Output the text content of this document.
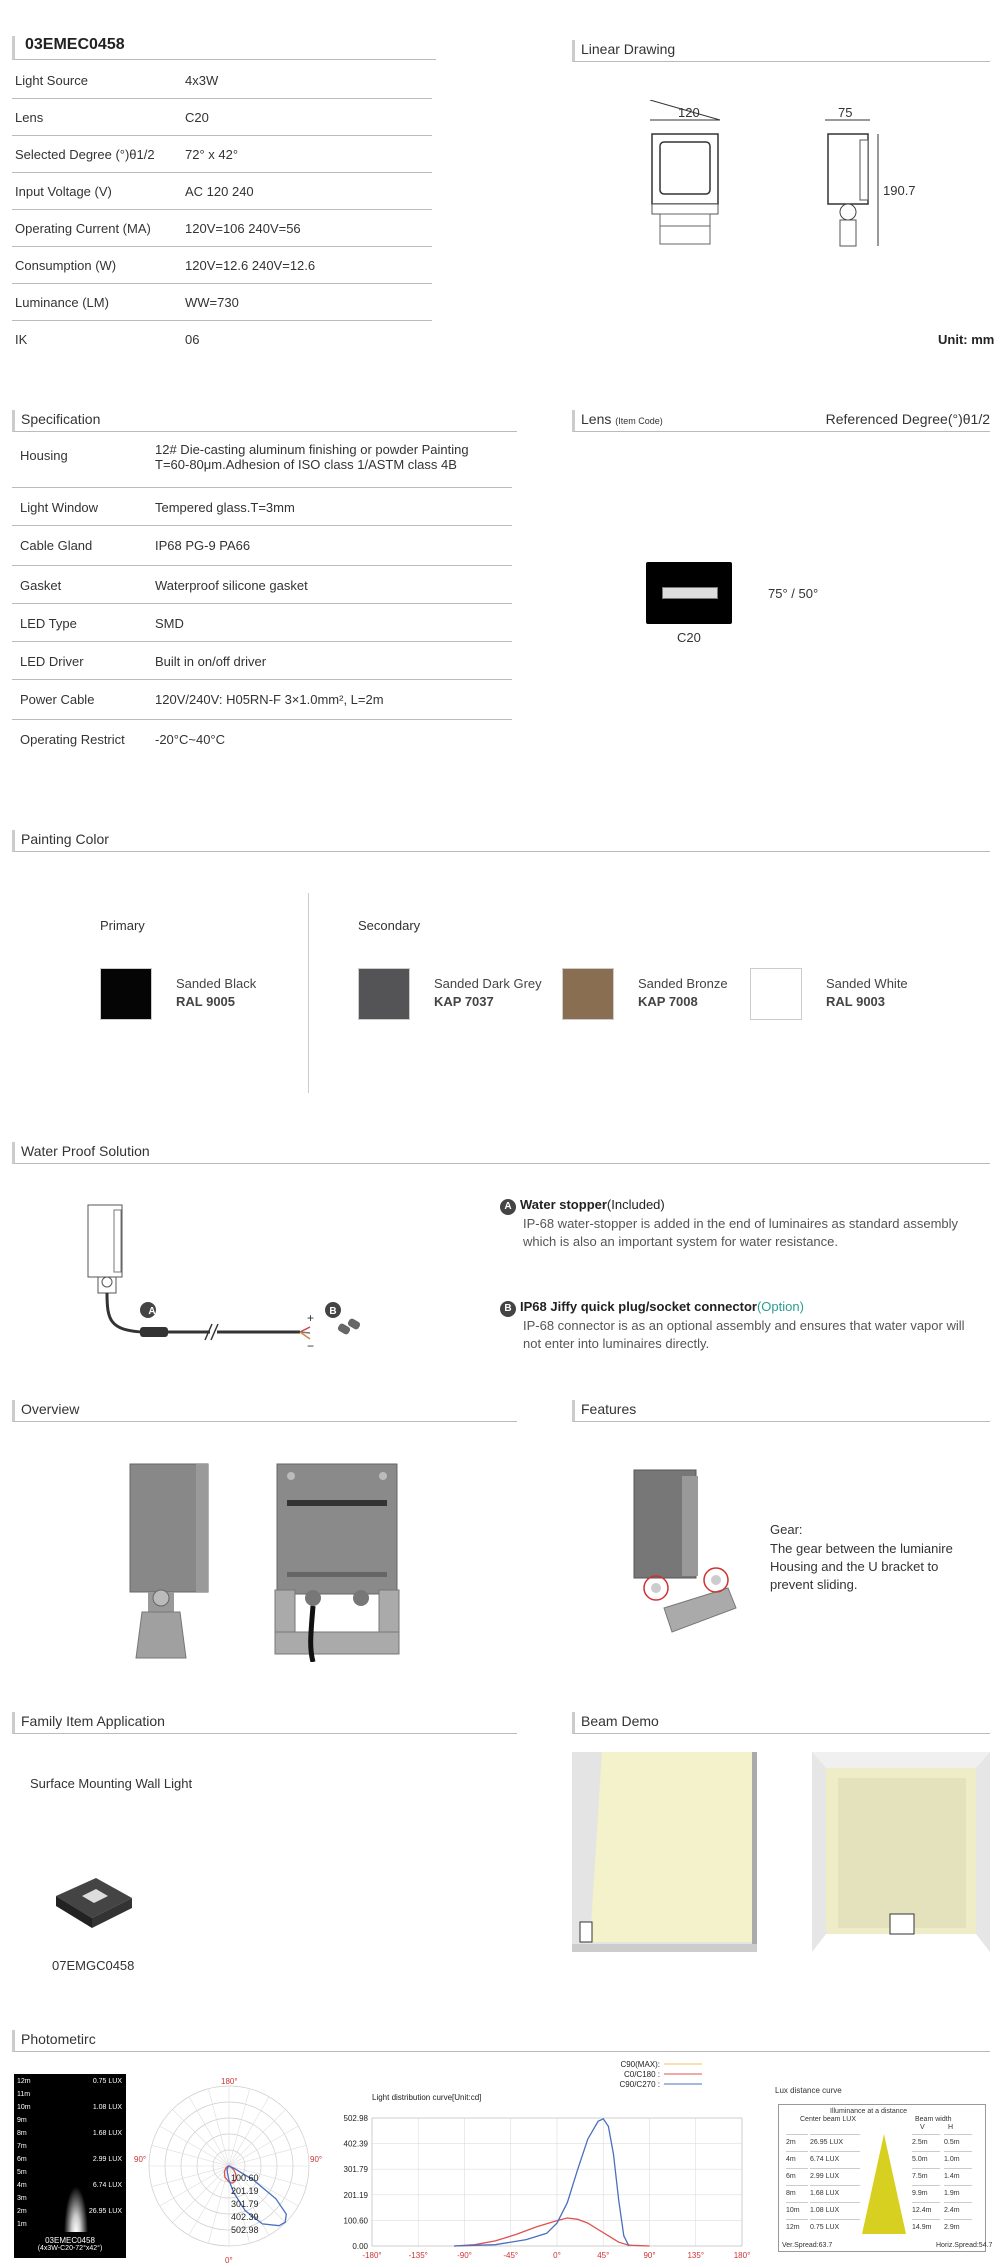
03EMEC0458
Light Source	4x3W
Lens	C20
Selected Degree (°)θ1/2 72° x 42°
Input Voltage (V)	AC 120 240
Operating Current (MA)	120V=106 240V=56
Consumption (W)	120V=12.6 240V=12.6
Luminance (LM)	WW=730
IK	06
Linear Drawing
120	75
190.7
Unit: mm
Specification
Housing	12# Die-casting aluminum finishing or powder Painting T=60-80μm.Adhesion of ISO class 1/ASTM class 4B
Light Window	Tempered glass.T=3mm
Cable Gland	IP68 PG-9 PA66
Gasket	Waterproof silicone gasket
LED Type	SMD
LED Driver	Built in on/off driver
Power Cable	120V/240V: H05RN-F 3×1.0mm², L=2m
Operating Restrict -20°C~40°C
Lens (Item Code)	Referenced Degree(°)θ1/2
C20
75° / 50°
Painting Color
Primary	Secondary
Sanded Black
RAL 9005
Sanded Dark Grey
KAP 7037
Sanded Bronze
KAP 7008
Sanded White
RAL 9003
Water Proof Solution
+
−
A	B
A Water stopper(Included)
IP-68 water-stopper is added in the end of luminaires as standard assembly which is also an important system for water resistance.
B IP68 Jiffy quick plug/socket connector(Option)
IP-68 connector is as an optional assembly and ensures that water vapor will not enter into luminaires directly.
Overview	Features
Gear:
The gear between the lumianire Housing and the U bracket to prevent sliding.
Family Item Application	Beam Demo
Surface Mounting Wall Light
07EMGC0458
Photometirc
12m	0.75 LUX
11m
10m	1.08 LUX
9m
8m	1.68 LUX
7m
6m	2.99 LUX
5m
4m	6.74 LUX
3m
2m	26.95 LUX
1m
03EMEC0458
(4x3W-C20-72°x42°)
100.60
201.19
301.79
402.39
502.98
180°
0°
90°	90°
C90(MAX):
C0/C180 :
C90/C270 :
Light distribution curve[Unit:cd]
0.00
100.60
201.19
301.79
402.39
502.98
-180°	-135°	-90°	-45°	0°	45°	90°	135°	180°
Lux distance curve
Illuminance at a distance
Center beam LUX	Beam width
V	H
2m	26.95 LUX	2.5m	0.5m
4m	6.74 LUX	5.0m	1.0m
6m	2.99 LUX	7.5m	1.4m
8m	1.68 LUX	9.9m	1.9m
10m	1.08 LUX	12.4m	2.4m
12m	0.75 LUX	14.9m	2.9m
Ver.Spread:63.7	Horiz.Spread:54.7
